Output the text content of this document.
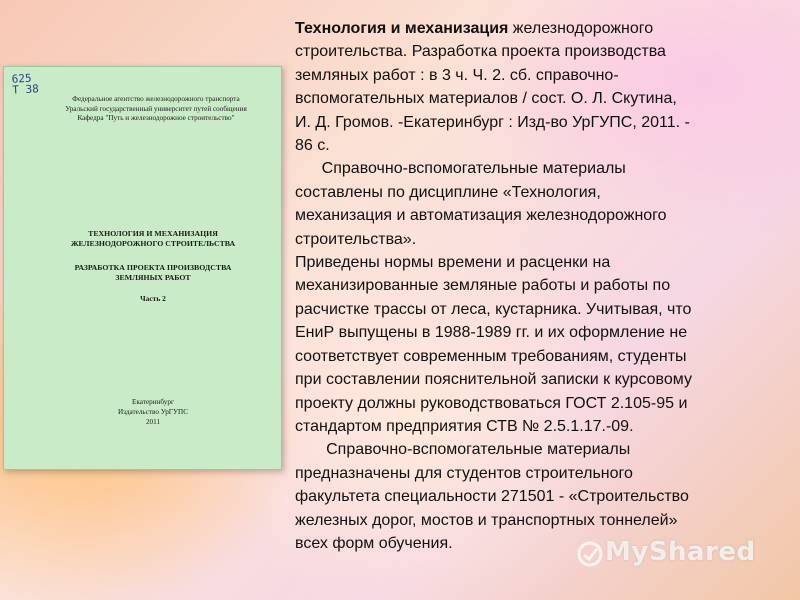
625
Т 38
Федеральное агентство железнодорожного транспорта
Уральский государственный университет путей сообщения
Кафедра "Путь и железнодорожное строительство"
ТЕХНОЛОГИЯ И МЕХАНИЗАЦИЯ
ЖЕЛЕЗНОДОРОЖНОГО СТРОИТЕЛЬСТВА
РАЗРАБОТКА ПРОЕКТА ПРОИЗВОДСТВА
ЗЕМЛЯНЫХ РАБОТ
Часть 2
Екатеринбург
Издательство УрГУПС
2011

Технология и механизация железнодорожного

строительства. Разработка проекта производства

земляных работ : в 3 ч. Ч. 2. сб. справочно-

вспомогательных материалов / сост. О. Л. Скутина,

И. Д. Громов. -Екатеринбург : Изд-во УрГУПС, 2011. -

86 с.

Справочно-вспомогательные материалы

составлены по дисциплине «Технология,

механизация и автоматизация железнодорожного

строительства».

Приведены нормы времени и расценки на

механизированные земляные работы и работы по

расчистке трассы от леса, кустарника. Учитывая, что

ЕниР выпущены в 1988-1989 гг. и их оформление не

соответствует современным требованиям, студенты

при составлении пояснительной записки к курсовому

проекту должны руководствоваться ГОСТ 2.105-95 и

стандартом предприятия СТВ № 2.5.1.17.-09.

Справочно-вспомогательные материалы

предназначены для студентов строительного

факультета специальности 271501 - «Строительство

железных дорог, мостов и транспортных тоннелей»

всех форм обучения.	MyShared
